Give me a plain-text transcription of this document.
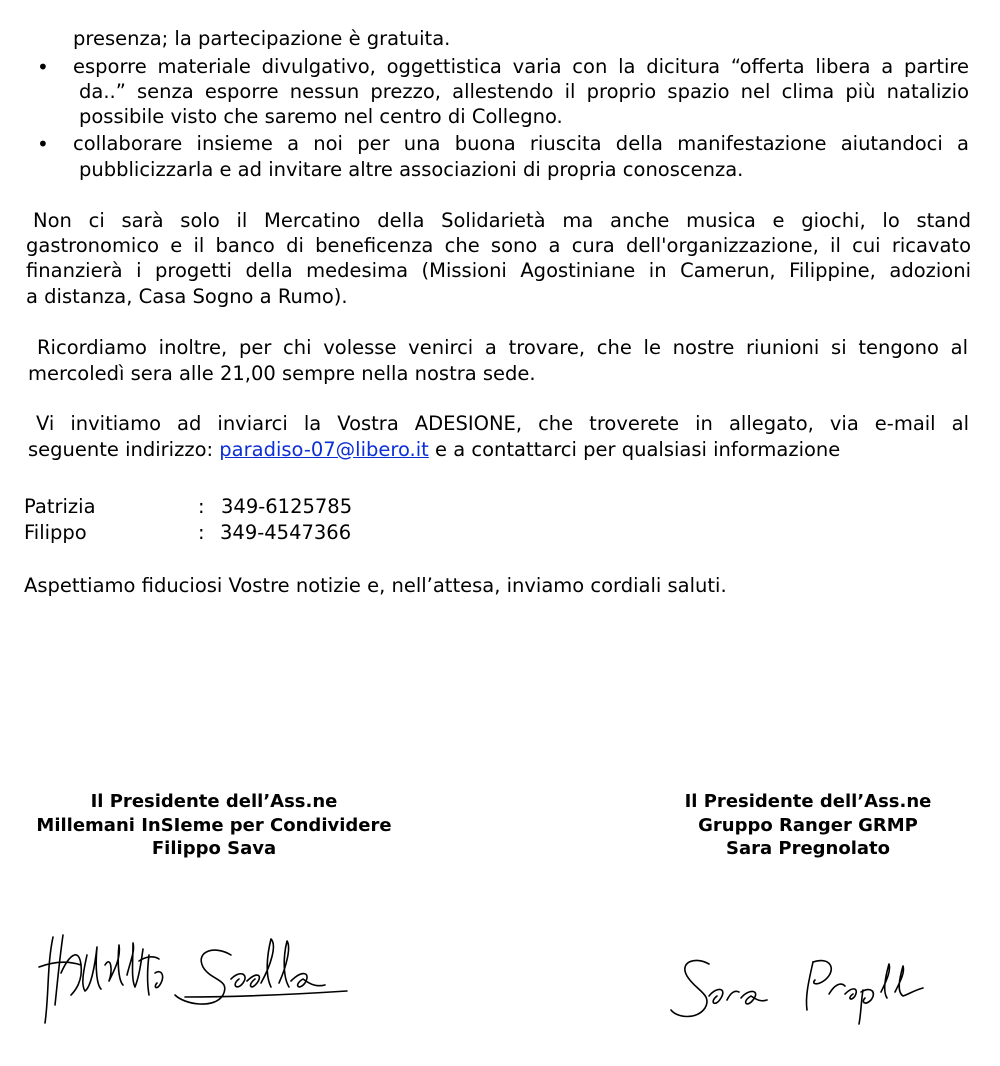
presenza; la partecipazione è gratuita.
• esporre materiale divulgativo, oggettistica varia con la dicitura “offerta libera a partire
da..” senza esporre nessun prezzo, allestendo il proprio spazio nel clima più natalizio
possibile visto che saremo nel centro di Collegno.
• collaborare insieme a noi per una buona riuscita della manifestazione aiutandoci a
pubblicizzarla e ad invitare altre associazioni di propria conoscenza.
Non ci sarà solo il Mercatino della Solidarietà ma anche musica e giochi, lo stand
gastronomico e il banco di beneficenza che sono a cura dell'organizzazione, il cui ricavato
finanzierà i progetti della medesima (Missioni Agostiniane in Camerun, Filippine, adozioni
a distanza, Casa Sogno a Rumo).
Ricordiamo inoltre, per chi volesse venirci a trovare, che le nostre riunioni si tengono al
mercoledì sera alle 21,00 sempre nella nostra sede.
Vi invitiamo ad inviarci la Vostra ADESIONE, che troverete in allegato, via e-mail al
seguente indirizzo: paradiso-07@libero.it e a contattarci per qualsiasi informazione
Patrizia	: 349-6125785
Filippo	: 349-4547366
Aspettiamo fiduciosi Vostre notizie e, nell’attesa, inviamo cordiali saluti.
Il Presidente dell’Ass.ne
Millemani InSIeme per Condividere
Filippo Sava
Il Presidente dell’Ass.ne
Gruppo Ranger GRMP
Sara Pregnolato
